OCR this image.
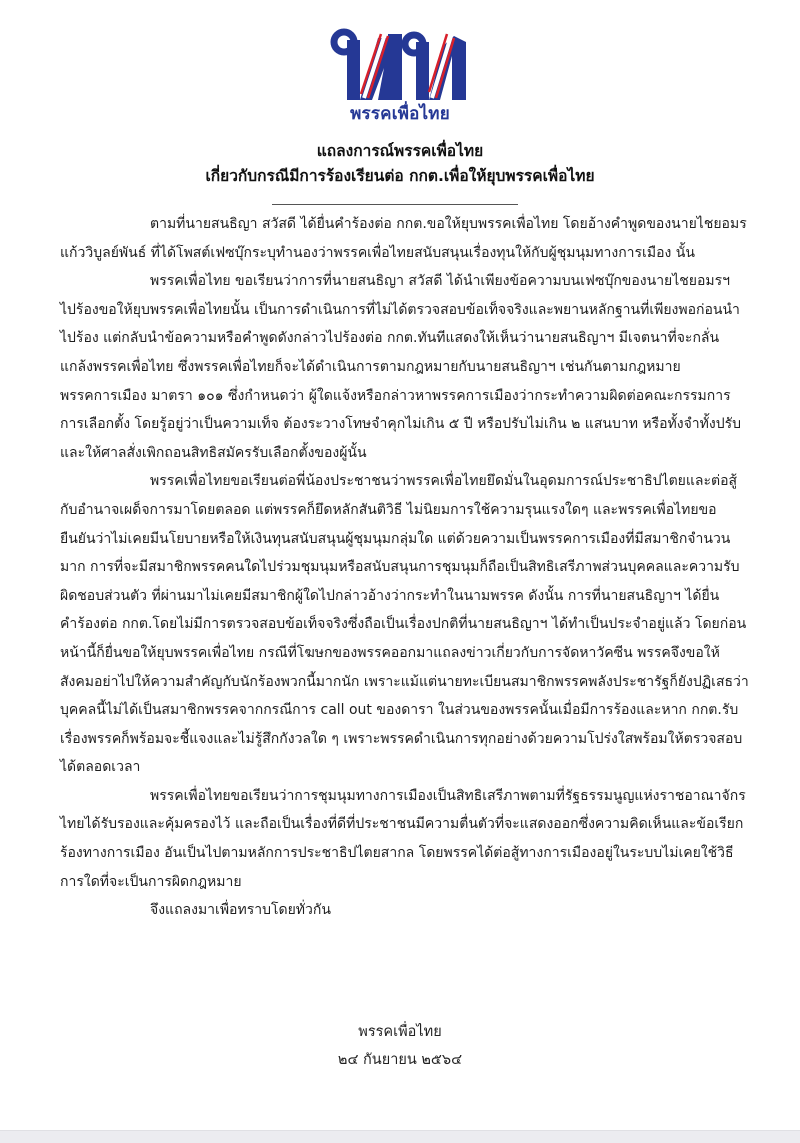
พรรคเพื่อไทย
แถลงการณ์พรรคเพื่อไทย
เกี่ยวกับกรณีมีการร้องเรียนต่อ กกต.เพื่อให้ยุบพรรคเพื่อไทย

ตามที่นายสนธิญา สวัสดี ได้ยื่นคำร้องต่อ กกต.ขอให้ยุบพรรคเพื่อไทย โดยอ้างคำพูดของนายไชยอมร แก้ววิบูลย์พันธ์ ที่ได้โพสต์เฟซบุ๊กระบุทำนองว่าพรรคเพื่อไทยสนับสนุนเรื่องทุนให้กับผู้ชุมนุมทางการเมือง นั้น

พรรคเพื่อไทย ขอเรียนว่าการที่นายสนธิญา สวัสดี ได้นำเพียงข้อความบนเฟซบุ๊กของนายไชยอมรฯ ไปร้องขอให้ยุบพรรคเพื่อไทยนั้น เป็นการดำเนินการที่ไม่ได้ตรวจสอบข้อเท็จจริงและพยานหลักฐานที่เพียงพอก่อนนำไปร้อง แต่กลับนำข้อความหรือคำพูดดังกล่าวไปร้องต่อ กกต.ทันทีแสดงให้เห็นว่านายสนธิญาฯ มีเจตนาที่จะกลั่นแกล้งพรรคเพื่อไทย ซึ่งพรรคเพื่อไทยก็จะได้ดำเนินการตามกฎหมายกับนายสนธิญาฯ เช่นกันตามกฎหมายพรรคการเมือง มาตรา ๑๐๑ ซึ่งกำหนดว่า ผู้ใดแจ้งหรือกล่าวหาพรรคการเมืองว่ากระทำความผิดต่อคณะกรรมการการเลือกตั้ง โดยรู้อยู่ว่าเป็นความเท็จ ต้องระวางโทษจำคุกไม่เกิน ๕ ปี หรือปรับไม่เกิน ๒ แสนบาท หรือทั้งจำทั้งปรับ และให้ศาลสั่งเพิกถอนสิทธิสมัครรับเลือกตั้งของผู้นั้น

พรรคเพื่อไทยขอเรียนต่อพี่น้องประชาชนว่าพรรคเพื่อไทยยึดมั่นในอุดมการณ์ประชาธิปไตยและต่อสู้กับอำนาจเผด็จการมาโดยตลอด แต่พรรคก็ยึดหลักสันติวิธี ไม่นิยมการใช้ความรุนแรงใดๆ และพรรคเพื่อไทยขอยืนยันว่าไม่เคยมีนโยบายหรือให้เงินทุนสนับสนุนผู้ชุมนุมกลุ่มใด แต่ด้วยความเป็นพรรคการเมืองที่มีสมาชิกจำนวนมาก การที่จะมีสมาชิกพรรคคนใดไปร่วมชุมนุมหรือสนับสนุนการชุมนุมก็ถือเป็นสิทธิเสรีภาพส่วนบุคคลและความรับผิดชอบส่วนตัว ที่ผ่านมาไม่เคยมีสมาชิกผู้ใดไปกล่าวอ้างว่ากระทำในนามพรรค ดังนั้น การที่นายสนธิญาฯ ได้ยื่นคำร้องต่อ กกต.โดยไม่มีการตรวจสอบข้อเท็จจริงซึ่งถือเป็นเรื่องปกติที่นายสนธิญาฯ ได้ทำเป็นประจำอยู่แล้ว โดยก่อนหน้านี้ก็ยื่นขอให้ยุบพรรคเพื่อไทย กรณีที่โฆษกของพรรคออกมาแถลงข่าวเกี่ยวกับการจัดหาวัคซีน พรรคจึงขอให้สังคมอย่าไปให้ความสำคัญกับนักร้องพวกนี้มากนัก เพราะแม้แต่นายทะเบียนสมาชิกพรรคพลังประชารัฐก็ยังปฏิเสธว่าบุคคลนี้ไม่ได้เป็นสมาชิกพรรคจากกรณีการ call out ของดารา ในส่วนของพรรคนั้นเมื่อมีการร้องและหาก กกต.รับเรื่องพรรคก็พร้อมจะชี้แจงและไม่รู้สึกกังวลใด ๆ เพราะพรรคดำเนินการทุกอย่างด้วยความโปร่งใสพร้อมให้ตรวจสอบได้ตลอดเวลา

พรรคเพื่อไทยขอเรียนว่าการชุมนุมทางการเมืองเป็นสิทธิเสรีภาพตามที่รัฐธรรมนูญแห่งราชอาณาจักรไทยได้รับรองและคุ้มครองไว้ และถือเป็นเรื่องที่ดีที่ประชาชนมีความตื่นตัวที่จะแสดงออกซึ่งความคิดเห็นและข้อเรียกร้องทางการเมือง อันเป็นไปตามหลักการประชาธิปไตยสากล โดยพรรคได้ต่อสู้ทางการเมืองอยู่ในระบบไม่เคยใช้วิธีการใดที่จะเป็นการผิดกฎหมาย

จึงแถลงมาเพื่อทราบโดยทั่วกัน

พรรคเพื่อไทย
๒๔ กันยายน ๒๕๖๔
